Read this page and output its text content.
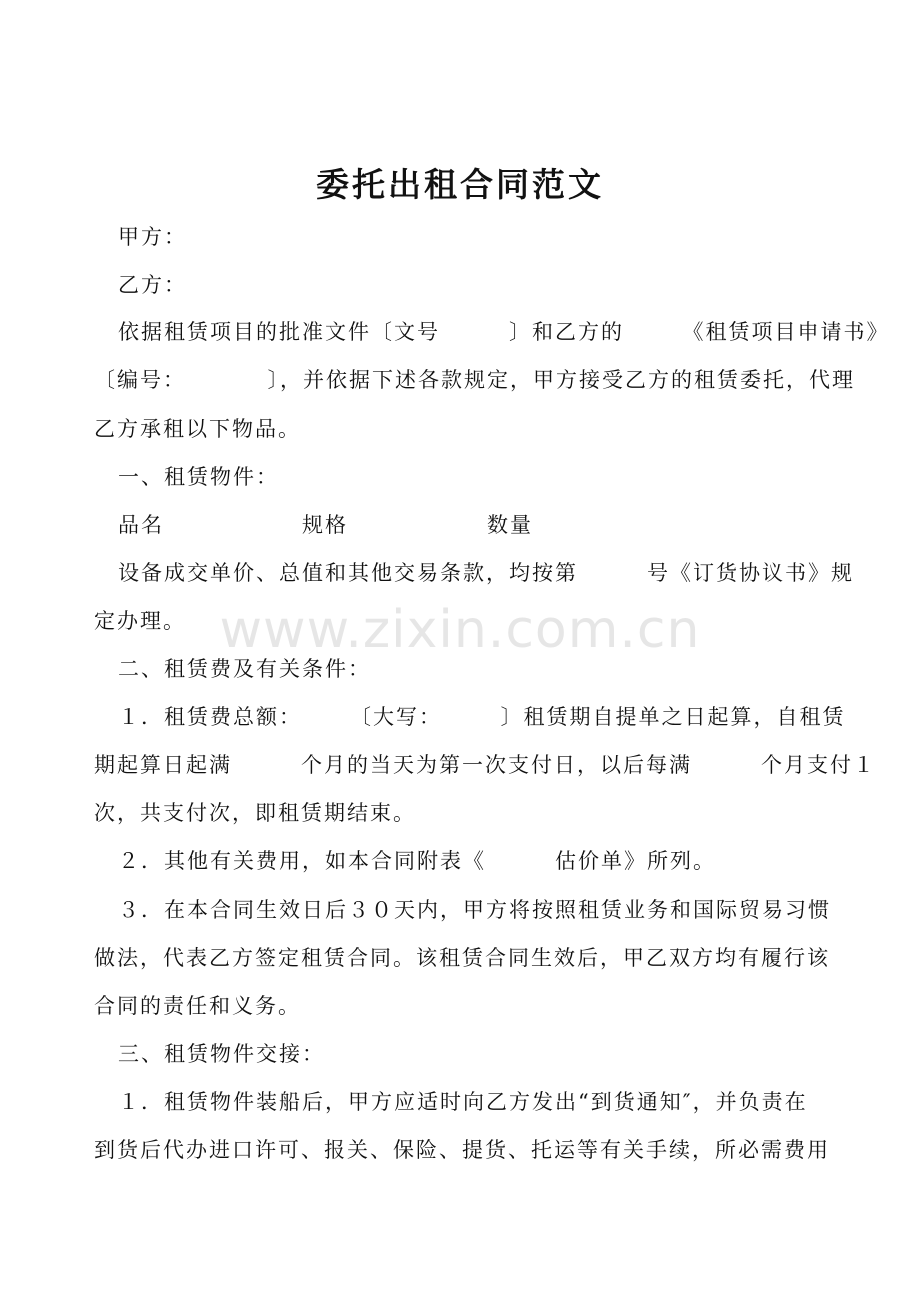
www.zixin.com.cn
委托出租合同范文
甲方：
乙方：
依据租赁项目的批准文件〔文号　　　〕和乙方的　　　《租赁项目申请书》
〔编号：　　　　〕，并依据下述各款规定，甲方接受乙方的租赁委托，代理
乙方承租以下物品。
一、租赁物件：
品名	规格	数量
设备成交单价、总值和其他交易条款，均按第　　　号《订货协议书》规
定办理。
二、租赁费及有关条件：
１．租赁费总额：　　　〔大写：　　　〕租赁期自提单之日起算，自租赁
期起算日起满　　　个月的当天为第一次支付日，以后每满　　　个月支付１
次，共支付次，即租赁期结束。
２．其他有关费用，如本合同附表《　　　估价单》所列。
３．在本合同生效日后３０天内，甲方将按照租赁业务和国际贸易习惯
做法，代表乙方签定租赁合同。该租赁合同生效后，甲乙双方均有履行该
合同的责任和义务。
三、租赁物件交接：
１．租赁物件装船后，甲方应适时向乙方发出“到货通知″，并负责在
到货后代办进口许可、报关、保险、提货、托运等有关手续，所必需费用
